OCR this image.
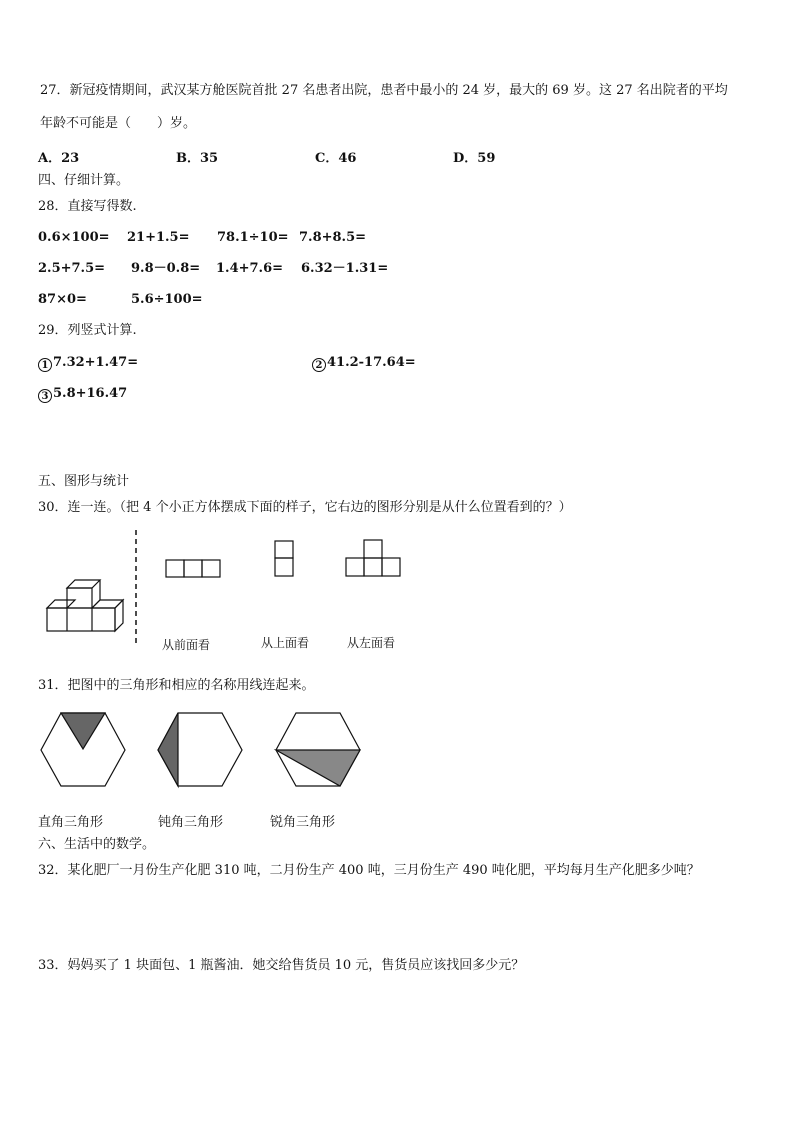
27．新冠疫情期间，武汉某方舱医院首批 27 名患者出院，患者中最小的 24 岁，最大的 69 岁。这 27 名出院者的平均
年龄不可能是（　　）岁。
A．23	B．35	C．46	D．59
四、仔细计算。
28．直接写得数.
0.6×100= 21+1.5= 78.1÷10= 7.8+8.5=
2.5+7.5= 9.8－0.8= 1.4+7.6= 6.32－1.31=
87×0=	5.6÷100=
29．列竖式计算.
1 7.32+1.47=	2 41.2-17.64=
3 5.8+16.47
五、图形与统计
30．连一连。（把 4 个小正方体摆成下面的样子，它右边的图形分别是从什么位置看到的？）
从前面看	从上面看	从左面看
31．把图中的三角形和相应的名称用线连起来。
直角三角形	钝角三角形	锐角三角形
六、生活中的数学。
32．某化肥厂一月份生产化肥 310 吨，二月份生产 400 吨，三月份生产 490 吨化肥，平均每月生产化肥多少吨？
33．妈妈买了 1 块面包、1 瓶酱油．她交给售货员 10 元，售货员应该找回多少元？
